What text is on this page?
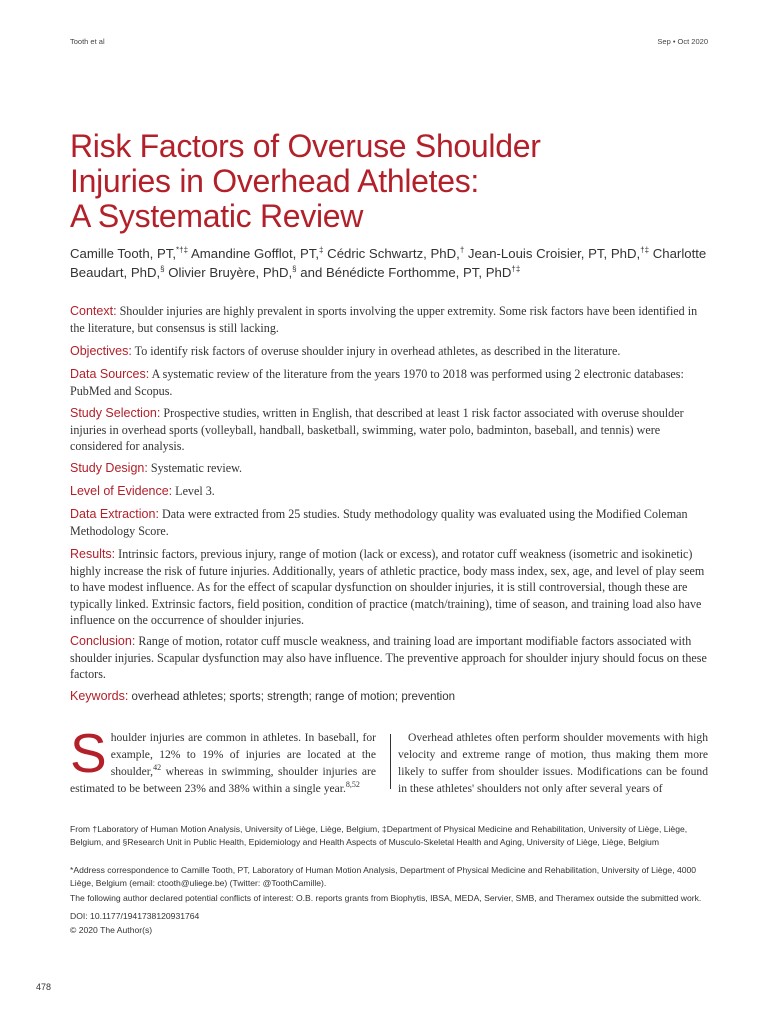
Tooth et al	Sep • Oct 2020
Risk Factors of Overuse Shoulder
Injuries in Overhead Athletes:
A Systematic Review
Camille Tooth, PT,*†‡ Amandine Gofflot, PT,‡ Cédric Schwartz, PhD,† Jean-Louis Croisier, PT, PhD,†‡ Charlotte Beaudart, PhD,§ Olivier Bruyère, PhD,§ and Bénédicte Forthomme, PT, PhD†‡
Context: Shoulder injuries are highly prevalent in sports involving the upper extremity. Some risk factors have been identified in the literature, but consensus is still lacking.
Objectives: To identify risk factors of overuse shoulder injury in overhead athletes, as described in the literature.
Data Sources: A systematic review of the literature from the years 1970 to 2018 was performed using 2 electronic databases: PubMed and Scopus.
Study Selection: Prospective studies, written in English, that described at least 1 risk factor associated with overuse shoulder injuries in overhead sports (volleyball, handball, basketball, swimming, water polo, badminton, baseball, and tennis) were considered for analysis.
Study Design: Systematic review.
Level of Evidence: Level 3.
Data Extraction: Data were extracted from 25 studies. Study methodology quality was evaluated using the Modified Coleman Methodology Score.
Results: Intrinsic factors, previous injury, range of motion (lack or excess), and rotator cuff weakness (isometric and isokinetic) highly increase the risk of future injuries. Additionally, years of athletic practice, body mass index, sex, age, and level of play seem to have modest influence. As for the effect of scapular dysfunction on shoulder injuries, it is still controversial, though these are typically linked. Extrinsic factors, field position, condition of practice (match/training), time of season, and training load also have influence on the occurrence of shoulder injuries.
Conclusion: Range of motion, rotator cuff muscle weakness, and training load are important modifiable factors associated with shoulder injuries. Scapular dysfunction may also have influence. The preventive approach for shoulder injury should focus on these factors.
Keywords: overhead athletes; sports; strength; range of motion; prevention
Shoulder injuries are common in athletes. In baseball, for example, 12% to 19% of injuries are located at the shoulder,$^{42}$ whereas in swimming, shoulder injuries are estimated to be between 23% and 38% within a single year.$^{8,52}$
Overhead athletes often perform shoulder movements with high velocity and extreme range of motion, thus making them more likely to suffer from shoulder issues. Modifications can be found in these athletes' shoulders not only after several years of
From †Laboratory of Human Motion Analysis, University of Liège, Liège, Belgium, ‡Department of Physical Medicine and Rehabilitation, University of Liège, Liège, Belgium, and §Research Unit in Public Health, Epidemiology and Health Aspects of Musculo-Skeletal Health and Aging, University of Liège, Liège, Belgium
*Address correspondence to Camille Tooth, PT, Laboratory of Human Motion Analysis, Department of Physical Medicine and Rehabilitation, University of Liège, 4000 Liège, Belgium (email: ctooth@uliege.be) (Twitter: @ToothCamille).
The following author declared potential conflicts of interest: O.B. reports grants from Biophytis, IBSA, MEDA, Servier, SMB, and Theramex outside the submitted work.
DOI: 10.1177/1941738120931764
© 2020 The Author(s)
478
